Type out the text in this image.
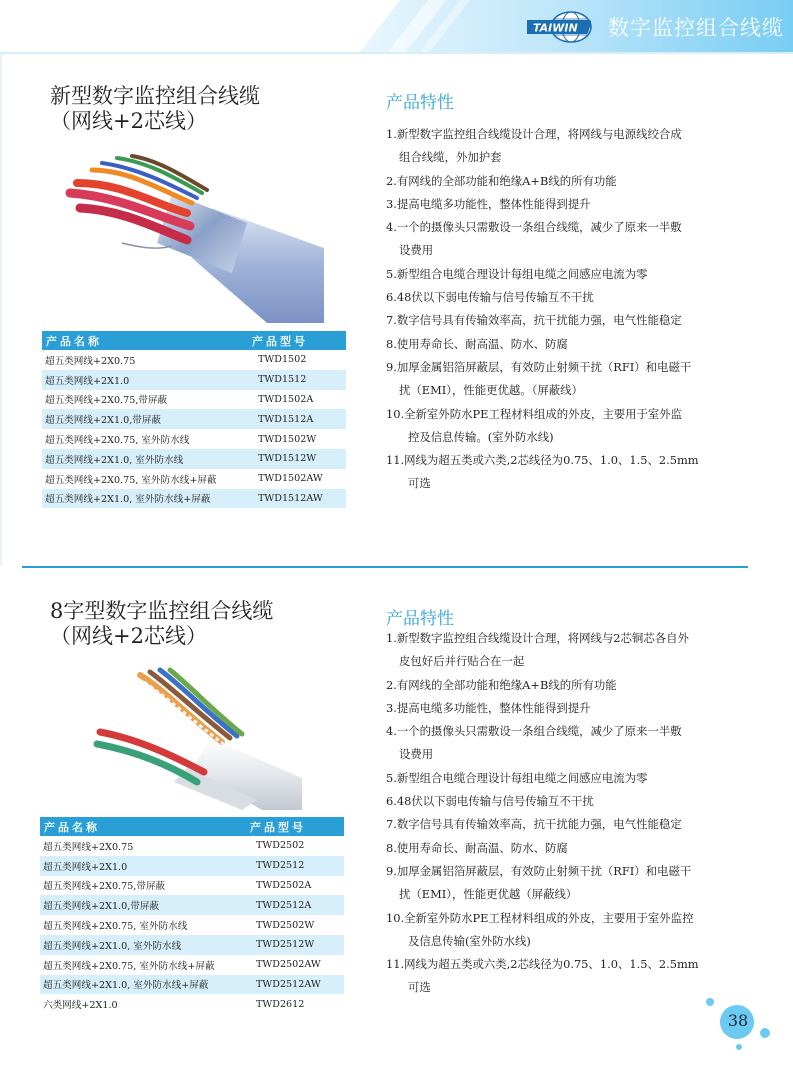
TAIWIN 数字监控组合线缆
新型数字监控组合线缆
（网线+2芯线）
产品特性
1.新型数字监控组合线缆设计合理，将网线与电源线绞合成
组合线缆，外加护套
2.有网线的全部功能和绝缘A+B线的所有功能
3.提高电缆多功能性，整体性能得到提升
4.一个的摄像头只需敷设一条组合线缆，减少了原来一半敷
设费用
5.新型组合电缆合理设计每组电缆之间感应电流为零
6.48伏以下弱电传输与信号传输互不干扰
7.数字信号具有传输效率高，抗干扰能力强，电气性能稳定
8.使用寿命长、耐高温、防水、防腐
9.加厚金属铝箔屏蔽层，有效防止射频干扰（RFI）和电磁干
扰（EMI），性能更优越。（屏蔽线）
10.全新室外防水PE工程材料组成的外皮，主要用于室外监
控及信息传输。(室外防水线)
11.网线为超五类或六类,2芯线径为0.75、1.0、1.5、2.5mm
可选
产品名称	产品型号
超五类网线+2X0.75	TWD1502
超五类网线+2X1.0	TWD1512
超五类网线+2X0.75,带屏蔽	TWD1502A
超五类网线+2X1.0,带屏蔽	TWD1512A
超五类网线+2X0.75, 室外防水线	TWD1502W
超五类网线+2X1.0, 室外防水线	TWD1512W
超五类网线+2X0.75, 室外防水线+屏蔽	TWD1502AW
超五类网线+2X1.0, 室外防水线+屏蔽	TWD1512AW
8字型数字监控组合线缆
（网线+2芯线）
产品特性
1.新型数字监控组合线缆设计合理，将网线与2芯铜芯各自外
皮包好后并行贴合在一起
2.有网线的全部功能和绝缘A+B线的所有功能
3.提高电缆多功能性，整体性能得到提升
4.一个的摄像头只需敷设一条组合线缆，减少了原来一半敷
设费用
5.新型组合电缆合理设计每组电缆之间感应电流为零
6.48伏以下弱电传输与信号传输互不干扰
7.数字信号具有传输效率高，抗干扰能力强，电气性能稳定
8.使用寿命长、耐高温、防水、防腐
9.加厚金属铝箔屏蔽层，有效防止射频干扰（RFI）和电磁干
扰（EMI），性能更优越（屏蔽线）
10.全新室外防水PE工程材料组成的外皮，主要用于室外监控
及信息传输(室外防水线)
11.网线为超五类或六类,2芯线径为0.75、1.0、1.5、2.5mm
可选
产品名称	产品型号
超五类网线+2X0.75	TWD2502
超五类网线+2X1.0	TWD2512
超五类网线+2X0.75,带屏蔽	TWD2502A
超五类网线+2X1.0,带屏蔽	TWD2512A
超五类网线+2X0.75, 室外防水线	TWD2502W
超五类网线+2X1.0, 室外防水线	TWD2512W
超五类网线+2X0.75, 室外防水线+屏蔽	TWD2502AW
超五类网线+2X1.0, 室外防水线+屏蔽	TWD2512AW
六类网线+2X1.0	TWD2612
38
